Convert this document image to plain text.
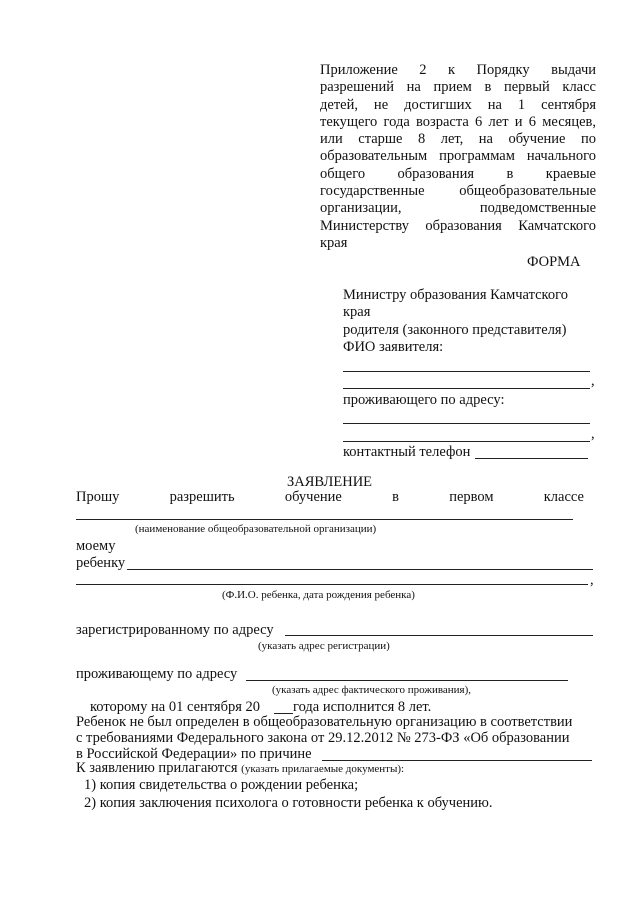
Приложение 2 к Порядку выдачи
разрешений на прием в первый класс
детей, не достигших на 1 сентября
текущего года возраста 6 лет и 6 месяцев,
или старше 8 лет, на обучение по
образовательным программам начального
общего образования в краевые
государственные общеобразовательные
организации, подведомственные
Министерству образования Камчатского
края
ФОРМА
Министру образования Камчатского
края
родителя (законного представителя)
ФИО заявителя:
,
проживающего по адресу:
,
контактный телефон
ЗАЯВЛЕНИЕ
Прошу	разрешить	обучение	в	первом	классе
(наименование общеобразовательной организации)
моему
ребенку
,
(Ф.И.О. ребенка, дата рождения ребенка)
зарегистрированному по адресу
(указать адрес регистрации)
проживающему по адресу
(указать адрес фактического проживания),
которому на 01 сентября 20 года исполнится 8 лет.
Ребенок не был определен в общеобразовательную организацию в соответствии
с требованиями Федерального закона от 29.12.2012 № 273-ФЗ «Об образовании
в Российской Федерации» по причине
К заявлению прилагаются (указать прилагаемые документы):
1) копия свидетельства о рождении ребенка;
2) копия заключения психолога о готовности ребенка к обучению.
